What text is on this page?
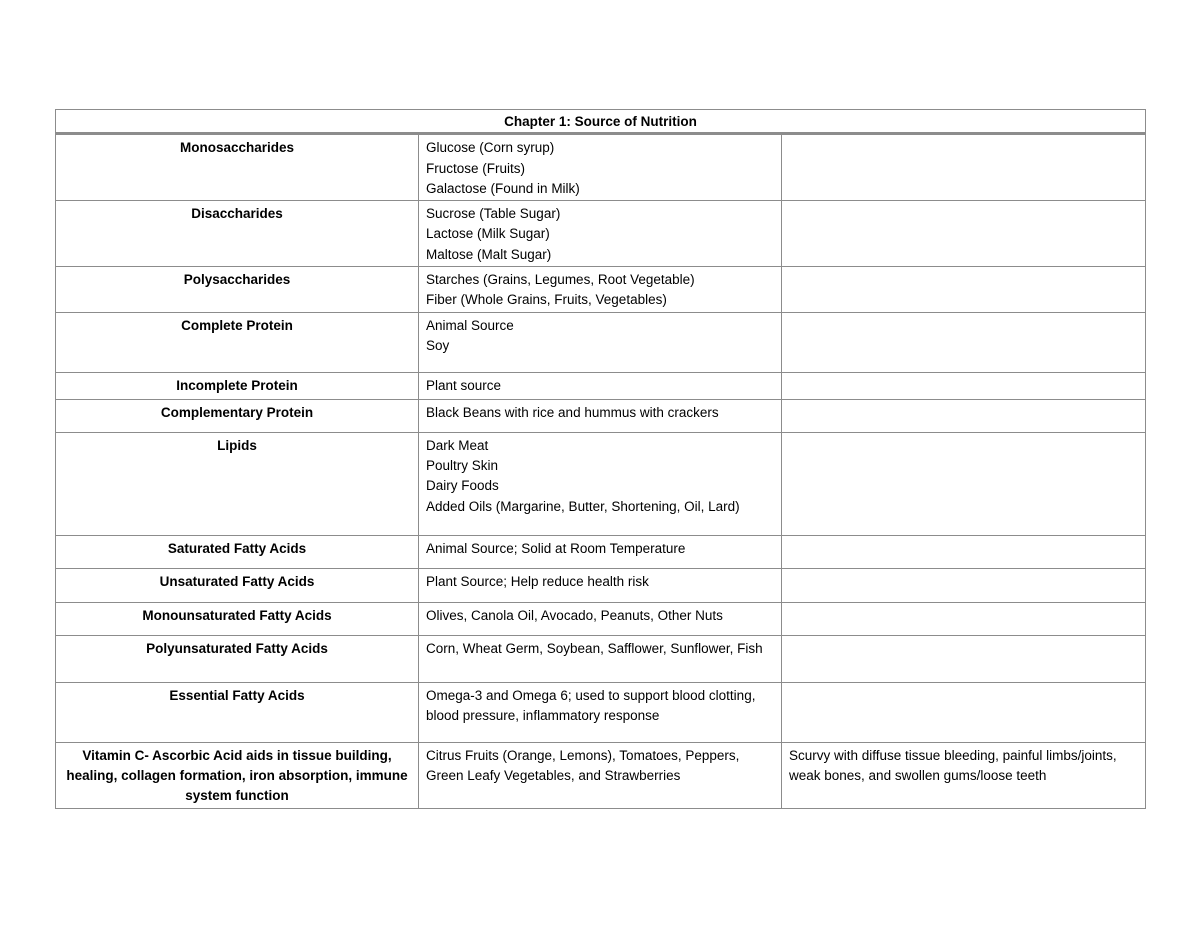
Chapter 1: Source of Nutrition		
Monosaccharides	Glucose (Corn syrup)
Fructose (Fruits)
Galactose (Found in Milk)	

Disaccharides	Sucrose (Table Sugar)
Lactose (Milk Sugar)
Maltose (Malt Sugar)	

Polysaccharides	Starches (Grains, Legumes, Root Vegetable)
Fiber (Whole Grains, Fruits, Vegetables)	

Complete Protein	Animal Source
Soy	

Incomplete Protein	Plant source	

Complementary Protein	Black Beans with rice and hummus with crackers	

Lipids	Dark Meat
Poultry Skin
Dairy Foods
Added Oils (Margarine, Butter, Shortening, Oil, Lard)	

Saturated Fatty Acids	Animal Source; Solid at Room Temperature	

Unsaturated Fatty Acids	Plant Source; Help reduce health risk	

Monounsaturated Fatty Acids	Olives, Canola Oil, Avocado, Peanuts, Other Nuts	

Polyunsaturated Fatty Acids	Corn, Wheat Germ, Soybean, Safflower, Sunflower, Fish	

Essential Fatty Acids	Omega-3 and Omega 6; used to support blood clotting, blood pressure, inflammatory response	

Vitamin C- Ascorbic Acid aids in tissue building, healing, collagen formation, iron absorption, immune system function	Citrus Fruits (Orange, Lemons), Tomatoes, Peppers, Green Leafy Vegetables, and Strawberries	Scurvy with diffuse tissue bleeding, painful limbs/joints, weak bones, and swollen gums/loose teeth
